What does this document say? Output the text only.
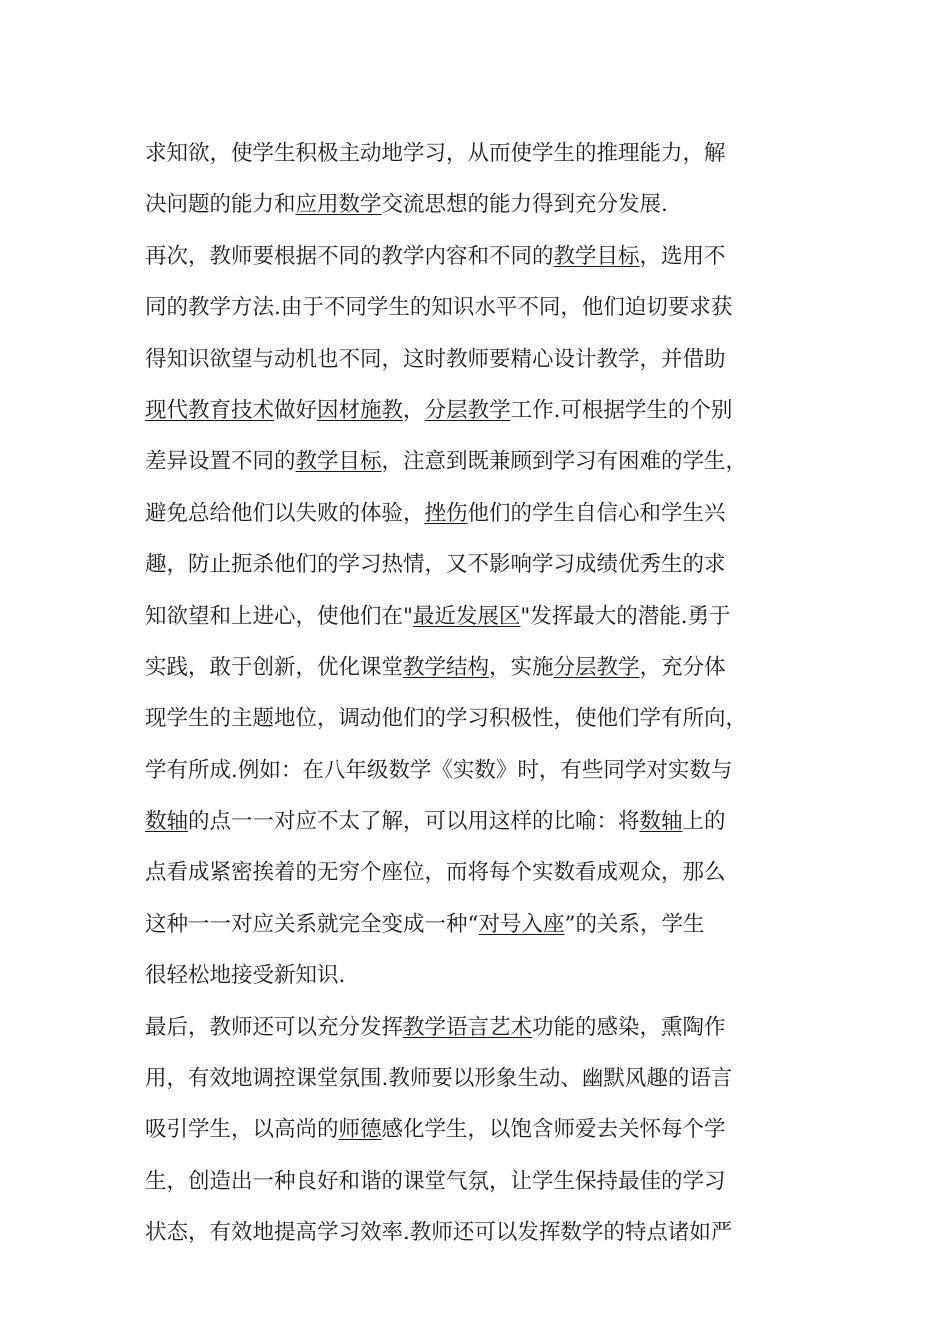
求知欲，使学生积极主动地学习，从而使学生的推理能力，解
决问题的能力和应用数学交流思想的能力得到充分发展.
再次，教师要根据不同的教学内容和不同的教学目标，选用不
同的教学方法.由于不同学生的知识水平不同，他们迫切要求获
得知识欲望与动机也不同，这时教师要精心设计教学，并借助
现代教育技术做好因材施教，分层教学工作.可根据学生的个别
差异设置不同的教学目标，注意到既兼顾到学习有困难的学生，
避免总给他们以失败的体验，挫伤他们的学生自信心和学生兴
趣，防止扼杀他们的学习热情，又不影响学习成绩优秀生的求
知欲望和上进心，使他们在"最近发展区"发挥最大的潜能.勇于
实践，敢于创新，优化课堂教学结构，实施分层教学，充分体
现学生的主题地位，调动他们的学习积极性，使他们学有所向，
学有所成.例如：在八年级数学《实数》时，有些同学对实数与
数轴的点一一对应不太了解，可以用这样的比喻：将数轴上的
点看成紧密挨着的无穷个座位，而将每个实数看成观众，那么
这种一一对应关系就完全变成一种“对号入座”的关系，学生
很轻松地接受新知识.
最后，教师还可以充分发挥教学语言艺术功能的感染，熏陶作
用，有效地调控课堂氛围.教师要以形象生动、幽默风趣的语言
吸引学生，以高尚的师德感化学生，以饱含师爱去关怀每个学
生，创造出一种良好和谐的课堂气氛，让学生保持最佳的学习
状态，有效地提高学习效率.教师还可以发挥数学的特点诸如严
